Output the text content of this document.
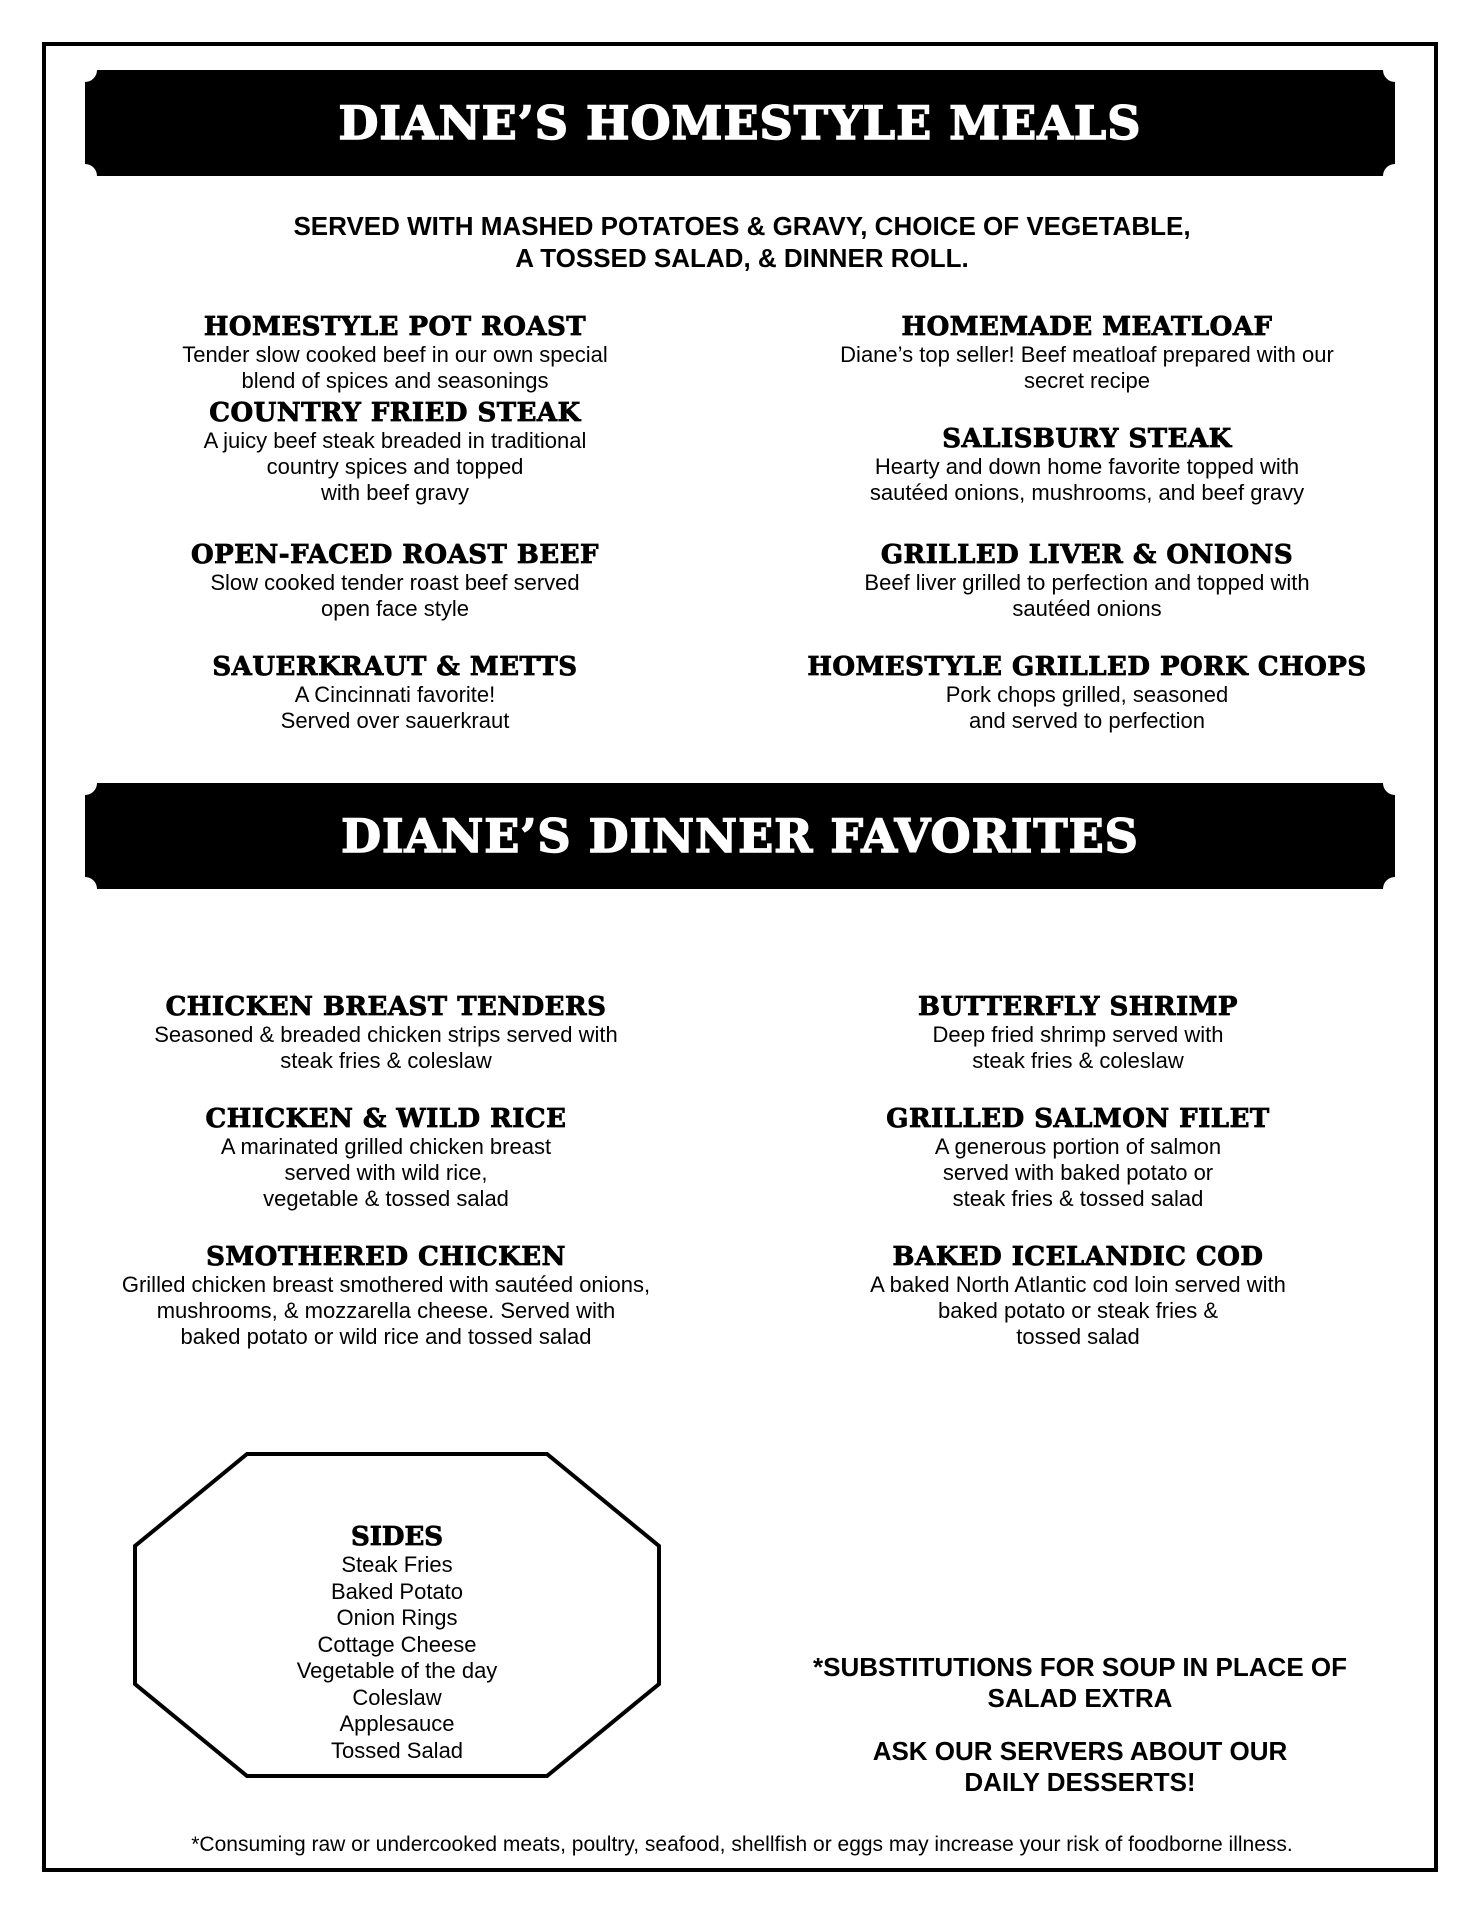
DIANE’S HOMESTYLE MEALS
SERVED WITH MASHED POTATOES & GRAVY, CHOICE OF VEGETABLE,
A TOSSED SALAD, & DINNER ROLL.
HOMESTYLE POT ROAST
Tender slow cooked beef in our own special
blend of spices and seasonings
COUNTRY FRIED STEAK
A juicy beef steak breaded in traditional
country spices and topped
with beef gravy
OPEN-FACED ROAST BEEF
Slow cooked tender roast beef served
open face style
SAUERKRAUT & METTS
A Cincinnati favorite!
Served over sauerkraut
HOMEMADE MEATLOAF
Diane’s top seller! Beef meatloaf prepared with our
secret recipe
SALISBURY STEAK
Hearty and down home favorite topped with
sautéed onions, mushrooms, and beef gravy
GRILLED LIVER & ONIONS
Beef liver grilled to perfection and topped with
sautéed onions
HOMESTYLE GRILLED PORK CHOPS
Pork chops grilled, seasoned
and served to perfection
DIANE’S DINNER FAVORITES
CHICKEN BREAST TENDERS
Seasoned & breaded chicken strips served with
steak fries & coleslaw
CHICKEN & WILD RICE
A marinated grilled chicken breast
served with wild rice,
vegetable & tossed salad
SMOTHERED CHICKEN
Grilled chicken breast smothered with sautéed onions,
mushrooms, & mozzarella cheese. Served with
baked potato or wild rice and tossed salad
BUTTERFLY SHRIMP
Deep fried shrimp served with
steak fries & coleslaw
GRILLED SALMON FILET
A generous portion of salmon
served with baked potato or
steak fries & tossed salad
BAKED ICELANDIC COD
A baked North Atlantic cod loin served with
baked potato or steak fries &
tossed salad
SIDES
Steak Fries
Baked Potato
Onion Rings
Cottage Cheese
Vegetable of the day
Coleslaw
Applesauce
Tossed Salad
*SUBSTITUTIONS FOR SOUP IN PLACE OF
SALAD EXTRA
ASK OUR SERVERS ABOUT OUR
DAILY DESSERTS!
*Consuming raw or undercooked meats, poultry, seafood, shellfish or eggs may increase your risk of foodborne illness.
